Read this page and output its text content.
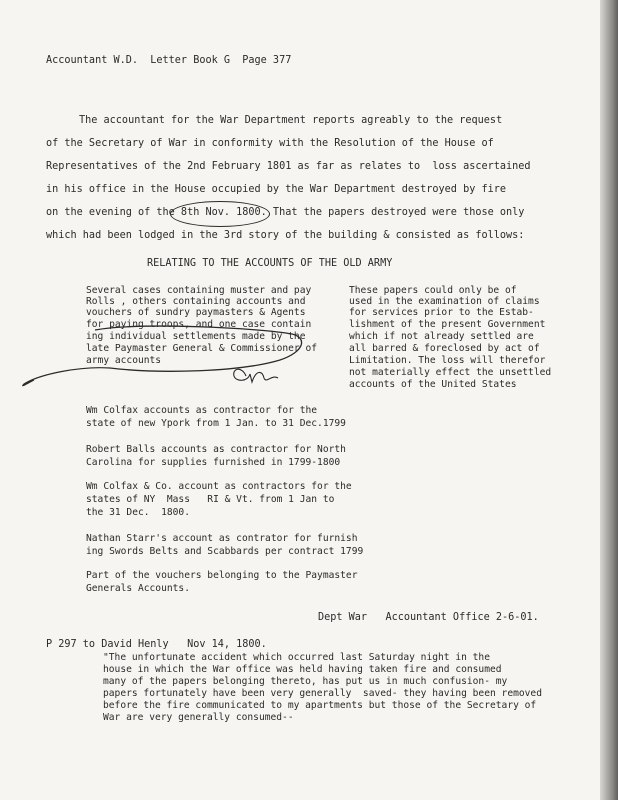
Accountant W.D.  Letter Book G  Page 377
The accountant for the War Department reports agreably to the request
of the Secretary of War in conformity with the Resolution of the House of
Representatives of the 2nd February 1801 as far as relates to  loss ascertained
in his office in the House occupied by the War Department destroyed by fire
on the evening of the 8th Nov. 1800. That the papers destroyed were those only
which had been lodged in the 3rd story of the building & consisted as follows:
RELATING TO THE ACCOUNTS OF THE OLD ARMY
Several cases containing muster and pay
Rolls , others containing accounts and
vouchers of sundry paymasters & Agents
for paying troops, and one case contain
ing individual settlements made by the
late Paymaster General & Commissioner of
army accounts
These papers could only be of
used in the examination of claims
for services prior to the Estab-
lishment of the present Government
which if not already settled are
all barred & foreclosed by act of
Limitation. The loss will therefor
not materially effect the unsettled
accounts of the United States
Wm Colfax accounts as contractor for the
state of new Ypork from 1 Jan. to 31 Dec.1799
Robert Balls accounts as contractor for North
Carolina for supplies furnished in 1799-1800
Wm Colfax & Co. account as contractors for the
states of NY  Mass   RI & Vt. from 1 Jan to
the 31 Dec.  1800.
Nathan Starr's account as contrator for furnish
ing Swords Belts and Scabbards per contract 1799
Part of the vouchers belonging to the Paymaster
Generals Accounts.
Dept War   Accountant Office 2-6-01.
P 297 to David Henly   Nov 14, 1800.
"The unfortunate accident which occurred last Saturday night in the
house in which the War office was held having taken fire and consumed
many of the papers belonging thereto, has put us in much confusion- my
papers fortunately have been very generally  saved- they having been removed
before the fire communicated to my apartments but those of the Secretary of
War are very generally consumed--
